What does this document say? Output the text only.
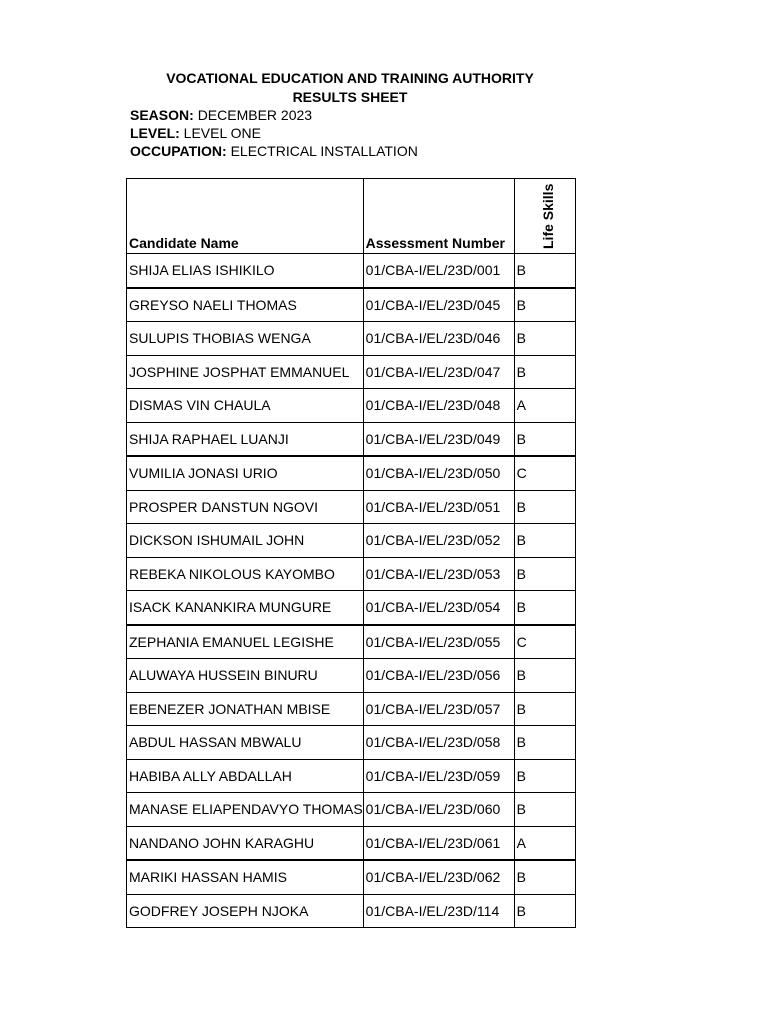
VOCATIONAL EDUCATION AND TRAINING AUTHORITY
RESULTS SHEET
SEASON: DECEMBER 2023
LEVEL: LEVEL ONE
OCCUPATION: ELECTRICAL INSTALLATION
Candidate Name	Assessment Number	Life Skills

SHIJA ELIAS ISHIKILO	01/CBA-I/EL/23D/001	B
GREYSO NAELI THOMAS	01/CBA-I/EL/23D/045	B
SULUPIS THOBIAS WENGA	01/CBA-I/EL/23D/046	B
JOSPHINE JOSPHAT EMMANUEL	01/CBA-I/EL/23D/047	B
DISMAS VIN CHAULA	01/CBA-I/EL/23D/048	A
SHIJA RAPHAEL LUANJI	01/CBA-I/EL/23D/049	B
VUMILIA JONASI URIO	01/CBA-I/EL/23D/050	C
PROSPER DANSTUN NGOVI	01/CBA-I/EL/23D/051	B
DICKSON ISHUMAIL JOHN	01/CBA-I/EL/23D/052	B
REBEKA NIKOLOUS KAYOMBO	01/CBA-I/EL/23D/053	B
ISACK KANANKIRA MUNGURE	01/CBA-I/EL/23D/054	B
ZEPHANIA EMANUEL LEGISHE	01/CBA-I/EL/23D/055	C
ALUWAYA HUSSEIN BINURU	01/CBA-I/EL/23D/056	B
EBENEZER JONATHAN MBISE	01/CBA-I/EL/23D/057	B
ABDUL HASSAN MBWALU	01/CBA-I/EL/23D/058	B
HABIBA ALLY ABDALLAH	01/CBA-I/EL/23D/059	B
MANASE ELIAPENDAVYO THOMAS	01/CBA-I/EL/23D/060	B
NANDANO JOHN KARAGHU	01/CBA-I/EL/23D/061	A
MARIKI HASSAN HAMIS	01/CBA-I/EL/23D/062	B
GODFREY JOSEPH NJOKA	01/CBA-I/EL/23D/114	B
